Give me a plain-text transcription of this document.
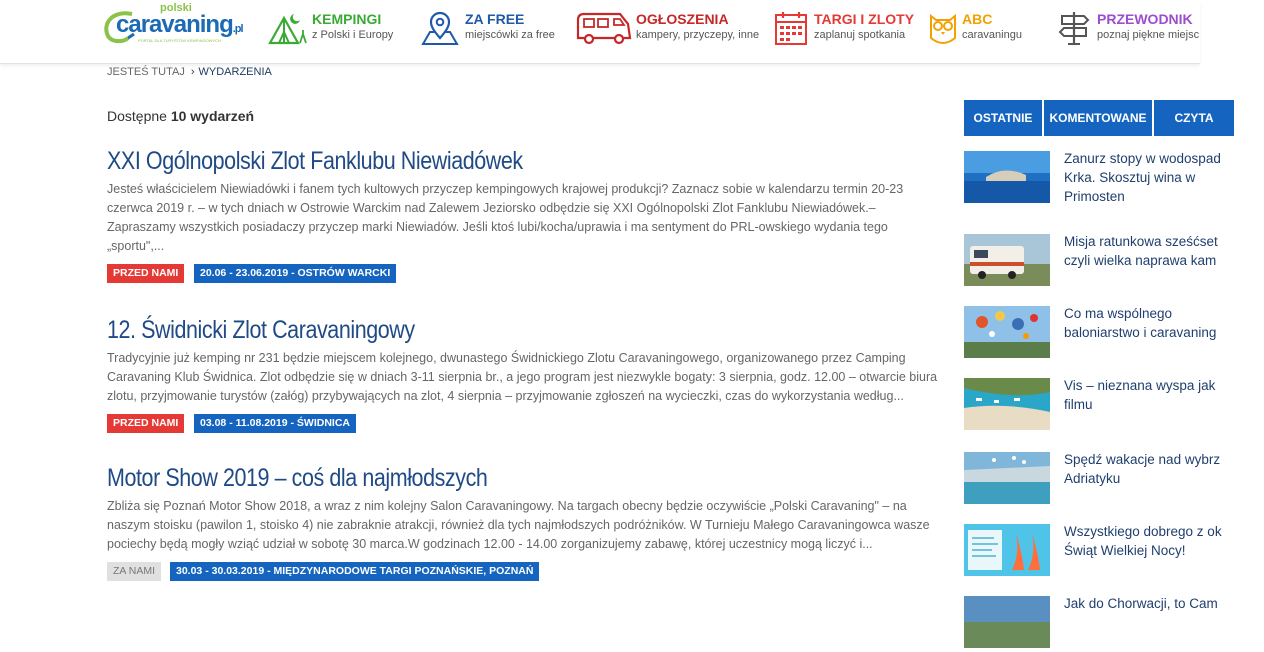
polski
caravaning.pl
PORTAL DLA TURYSTÓW KEMPINGOWYCH
KEMPINGI
z Polski i Europy
ZA FREE
miejscówki za free
OGŁOSZENIA
kampery, przyczepy, inne
TARGI I ZLOTY
zaplanuj spotkania
ABC
caravaningu
PRZEWODNIK
poznaj piękne miejsc
JESTEŚ TUTAJ › WYDARZENIA
Dostępne 10 wydarzeń
XXI Ogólnopolski Zlot Fanklubu Niewiadówek
Jesteś właścicielem Niewiadówki i fanem tych kultowych przyczep kempingowych krajowej produkcji? Zaznacz sobie w kalendarzu termin 20-23 czerwca 2019 r. – w tych dniach w Ostrowie Warckim nad Zalewem Jeziorsko odbędzie się XXI Ogólnopolski Zlot Fanklubu Niewiadówek.– Zapraszamy wszystkich posiadaczy przyczep marki Niewiadów. Jeśli ktoś lubi/kocha/uprawia i ma sentyment do PRL-owskiego wydania tego „sportu",...
PRZED NAMI	20.06 - 23.06.2019 - OSTRÓW WARCKI
12. Świdnicki Zlot Caravaningowy
Tradycyjnie już kemping nr 231 będzie miejscem kolejnego, dwunastego Świdnickiego Zlotu Caravaningowego, organizowanego przez Camping Caravaning Klub Świdnica. Zlot odbędzie się w dniach 3-11 sierpnia br., a jego program jest niezwykle bogaty: 3 sierpnia, godz. 12.00 – otwarcie biura zlotu, przyjmowanie turystów (załóg) przybywających na zlot, 4 sierpnia – przyjmowanie zgłoszeń na wycieczki, czas do wykorzystania według...
PRZED NAMI	03.08 - 11.08.2019 - ŚWIDNICA
Motor Show 2019 – coś dla najmłodszych
Zbliża się Poznań Motor Show 2018, a wraz z nim kolejny Salon Caravaningowy. Na targach obecny będzie oczywiście „Polski Caravaning" – na naszym stoisku (pawilon 1, stoisko 4) nie zabraknie atrakcji, również dla tych najmłodszych podróżników. W Turnieju Małego Caravaningowca wasze pociechy będą mogły wziąć udział w sobotę 30 marca.W godzinach 12.00 - 14.00 zorganizujemy zabawę, której uczestnicy mogą liczyć i...
ZA NAMI	30.03 - 30.03.2019 - MIĘDZYNARODOWE TARGI POZNAŃSKIE, POZNAŃ
OSTATNIE	KOMENTOWANE	CZYTA
Zanurz stopy w wodospad
Krka. Skosztuj wina w
Primosten
Misja ratunkowa sześćset
czyli wielka naprawa kam
Co ma wspólnego
baloniarstwo i caravaning
Vis – nieznana wyspa jak
filmu
Spędź wakacje nad wybrz
Adriatyku
Wszystkiego dobrego z ok
Świąt Wielkiej Nocy!
Jak do Chorwacji, to Cam
